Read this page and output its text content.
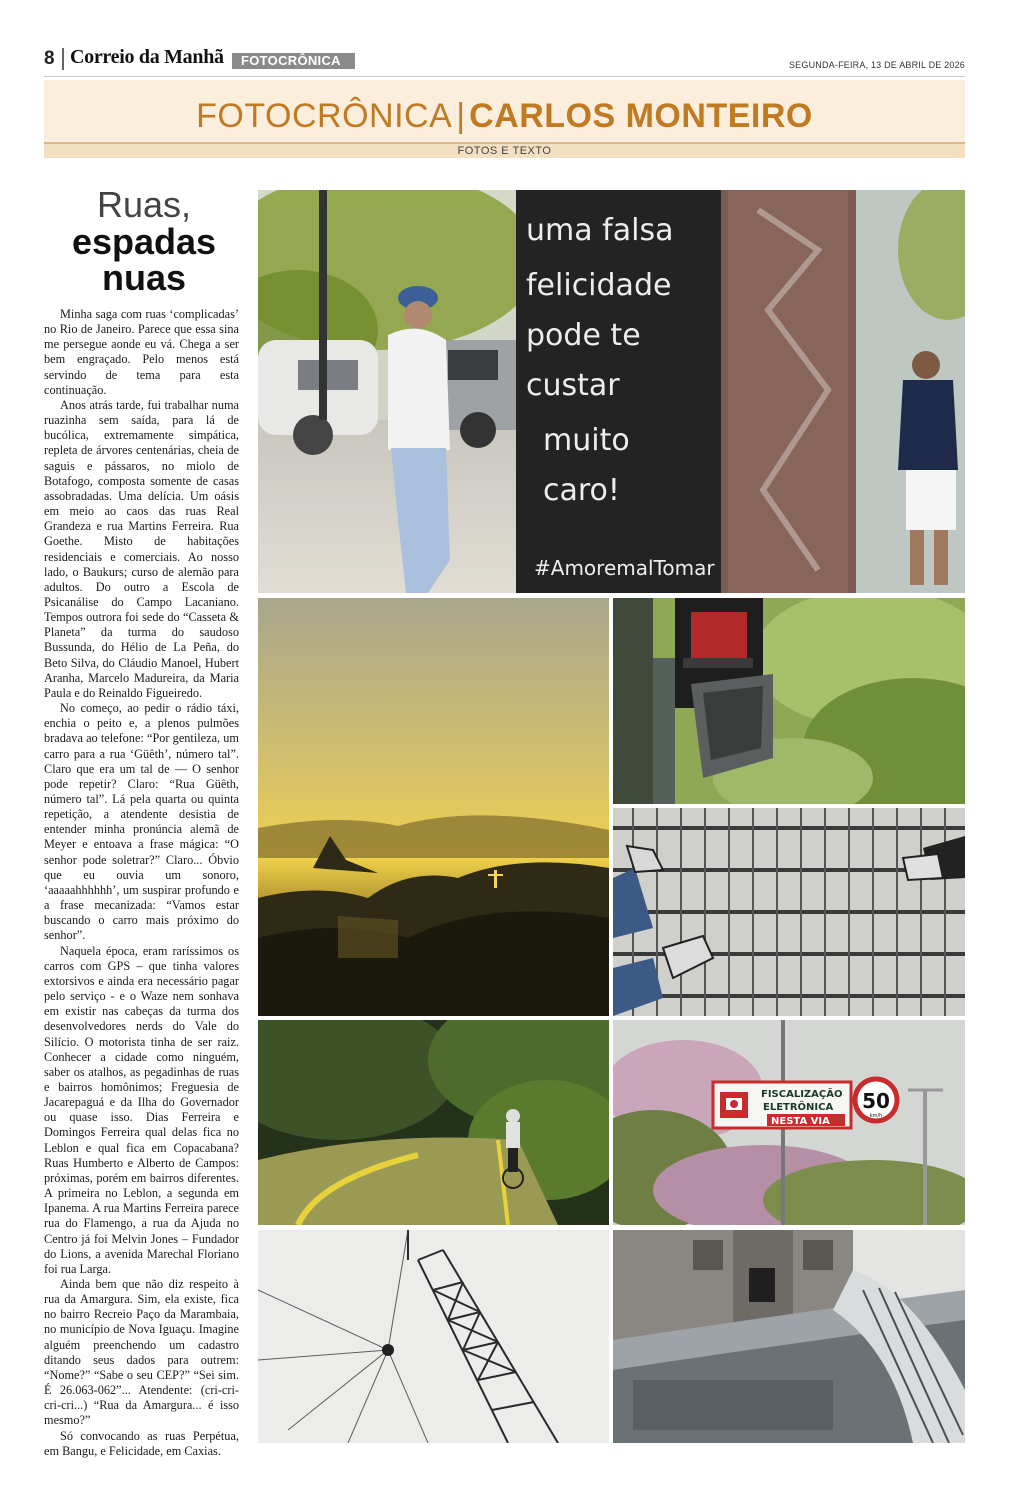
8 Correio da Manhã	FOTOCRÔNICA	SEGUNDA-FEIRA, 13 DE ABRIL DE 2026
FOTOCRÔNICA | CARLOS MONTEIRO
FOTOS E TEXTO
Ruas,
espadas
nuas

Minha saga com ruas ‘complicadas’ no Rio de Janeiro. Parece que essa sina me persegue aonde eu vá. Chega a ser bem engraçado. Pelo menos está servindo de tema para esta continuação.

Anos atrás tarde, fui trabalhar numa ruazinha sem saída, para lá de bucólica, extremamente simpática, repleta de árvores centenárias, cheia de saguis e pássaros, no miolo de Botafogo, composta somente de casas assobradadas. Uma delícia. Um oásis em meio ao caos das ruas Real Grandeza e rua Martins Ferreira. Rua Goethe. Misto de habitações residenciais e comerciais. Ao nosso lado, o Baukurs; curso de alemão para adultos. Do outro a Escola de Psicanálise do Campo Lacaniano. Tempos outrora foi sede do “Casseta & Planeta” da turma do saudoso Bussunda, do Hélio de La Peña, do Beto Silva, do Cláudio Manoel, Hubert Aranha, Marcelo Madureira, da Maria Paula e do Reinaldo Figueiredo.

No começo, ao pedir o rádio táxi, enchia o peito e, a plenos pulmões bradava ao telefone: “Por gentileza, um carro para a rua ‘Güêth’, número tal”. Claro que era um tal de — O senhor pode repetir? Claro: “Rua Güêth, número tal”. Lá pela quarta ou quinta repetição, a atendente desistia de entender minha pronúncia alemã de Meyer e entoava a frase mágica: “O senhor pode soletrar?” Claro... Óbvio que eu ouvia um sonoro, ‘aaaaahhhhhh’, um suspirar profundo e a frase mecanizada: “Vamos estar buscando o carro mais próximo do senhor”.

Naquela época, eram raríssimos os carros com GPS – que tinha valores extorsivos e ainda era necessário pagar pelo serviço - e o Waze nem sonhava em existir nas cabeças da turma dos desenvolvedores nerds do Vale do Silício. O motorista tinha de ser raiz. Conhecer a cidade como ninguém, saber os atalhos, as pegadinhas de ruas e bairros homônimos; Freguesia de Jacarepaguá e da Ilha do Governador ou quase isso. Dias Ferreira e Domingos Ferreira qual delas fica no Leblon e qual fica em Copacabana? Ruas Humberto e Alberto de Campos: próximas, porém em bairros diferentes. A primeira no Leblon, a segunda em Ipanema. A rua Martins Ferreira parece rua do Flamengo, a rua da Ajuda no Centro já foi Melvin Jones – Fundador do Lions, a avenida Marechal Floriano foi rua Larga.

Ainda bem que não diz respeito à rua da Amargura. Sim, ela existe, fica no bairro Recreio Paço da Marambaia, no município de Nova Iguaçu. Imagine alguém preenchendo um cadastro ditando seus dados para outrem: “Nome?” “Sabe o seu CEP?” “Sei sim. É 26.063-062”... Atendente: (cri-cri-cri-cri...) “Rua da Amargura... é isso mesmo?”

Só convocando as ruas Perpétua, em Bangu, e Felicidade, em Caxias.

uma falsa
felicidade
pode te
custar
muito
caro!
#AmoremalTomar
FISCALIZAÇÃO
ELETRÔNICA
NESTA VIA
50
km/h
